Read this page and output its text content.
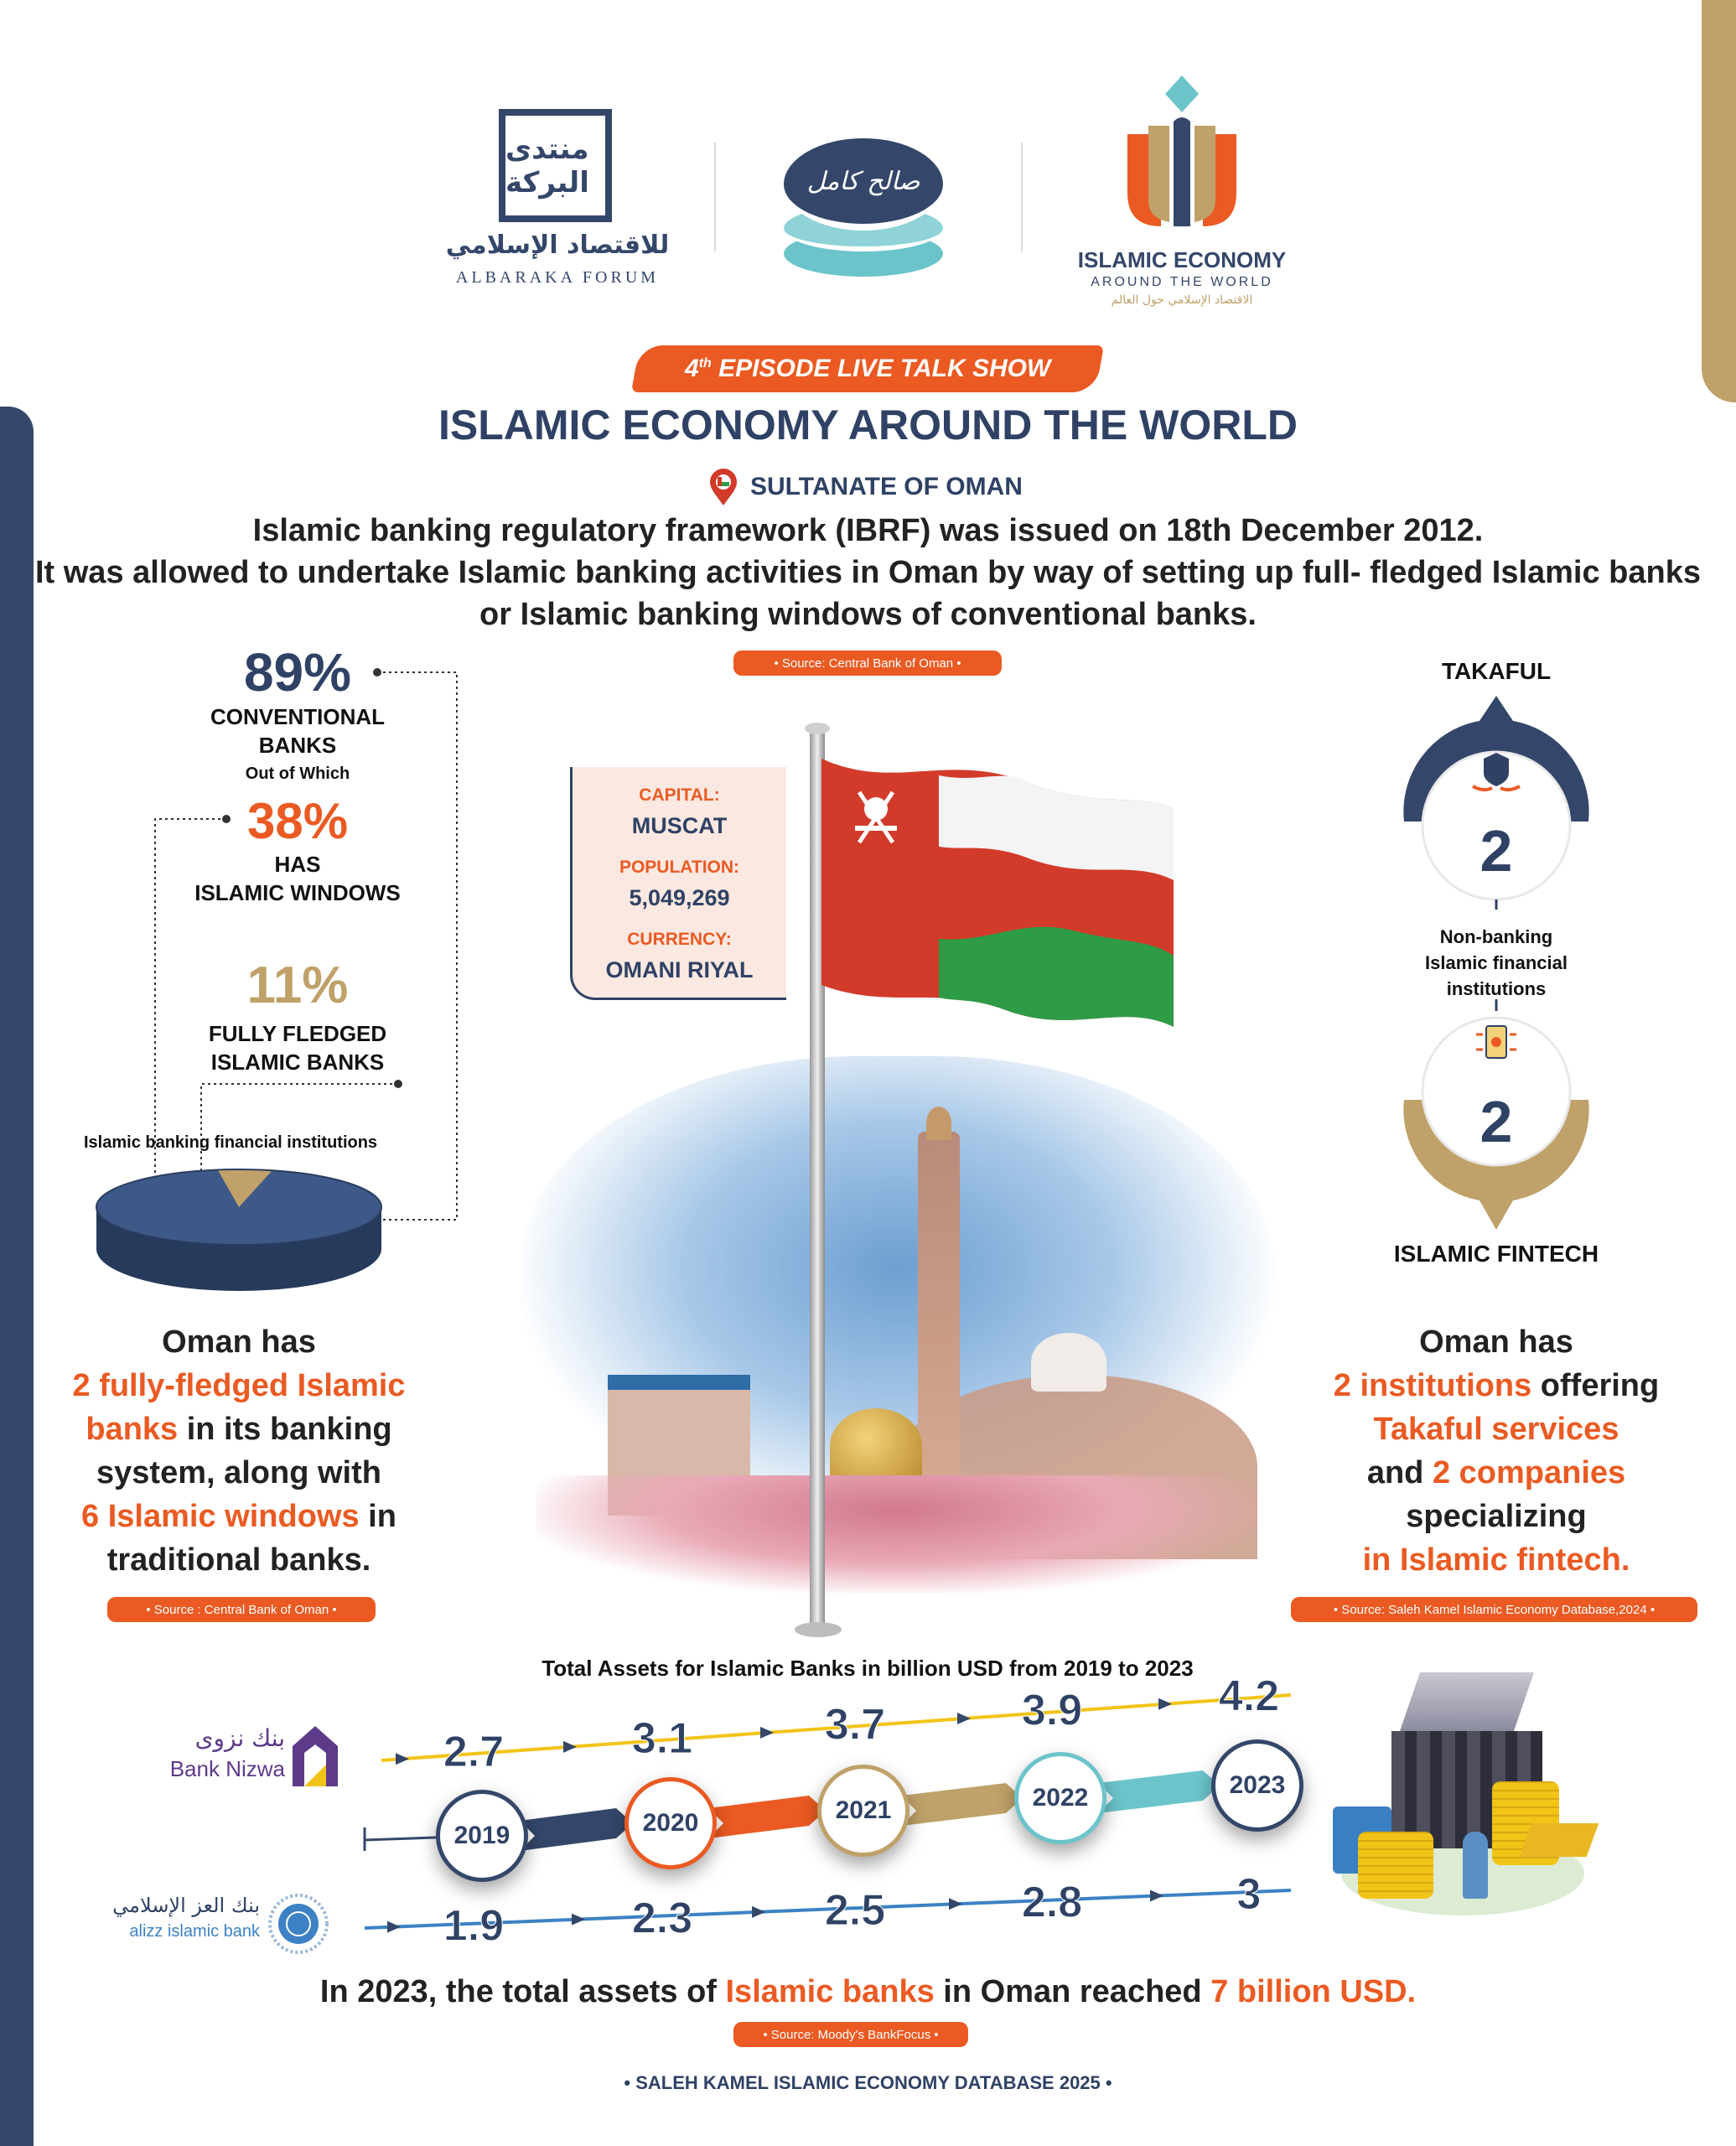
منتدى البركة
للاقتصاد الإسلامي
ALBARAKA FORUM
صالح كامل
ISLAMIC ECONOMY
AROUND THE WORLD
الاقتصاد الإسلامي حول العالم
4th EPISODE LIVE TALK SHOW
ISLAMIC ECONOMY AROUND THE WORLD
SULTANATE OF OMAN
Islamic banking regulatory framework (IBRF) was issued on 18th December 2012.
It was allowed to undertake Islamic banking activities in Oman by way of setting up full- fledged Islamic banks
or Islamic banking windows of conventional banks.
• Source: Central Bank of Oman •
89%
CONVENTIONAL
BANKS
Out of Which
38%
HAS
ISLAMIC WINDOWS
11%
FULLY FLEDGED
ISLAMIC BANKS
Islamic banking financial institutions
Oman has
2 fully-fledged Islamic
banks in its banking
system, along with
6 Islamic windows in
traditional banks.
• Source : Central Bank of Oman •
CAPITAL:
MUSCAT
POPULATION:
5,049,269
CURRENCY:
OMANI RIYAL
TAKAFUL
2
Non-banking
Islamic financial
institutions
2
ISLAMIC FINTECH
Oman has
2 institutions offering
Takaful services
and 2 companies
specializing
in Islamic fintech.
• Source: Saleh Kamel Islamic Economy Database,2024 •
Total Assets for Islamic Banks in billion USD from 2019 to 2023
بنك نزوى
Bank Nizwa
بنك العز الإسلامي
alizz islamic bank
2.7	3.1	3.7	3.9	4.2
1.9	2.3	2.5	2.8	3
2019	2020	2021	2022	2023
In 2023, the total assets of Islamic banks in Oman reached 7 billion USD.
• Source: Moody's BankFocus •
• SALEH KAMEL ISLAMIC ECONOMY DATABASE 2025 •
